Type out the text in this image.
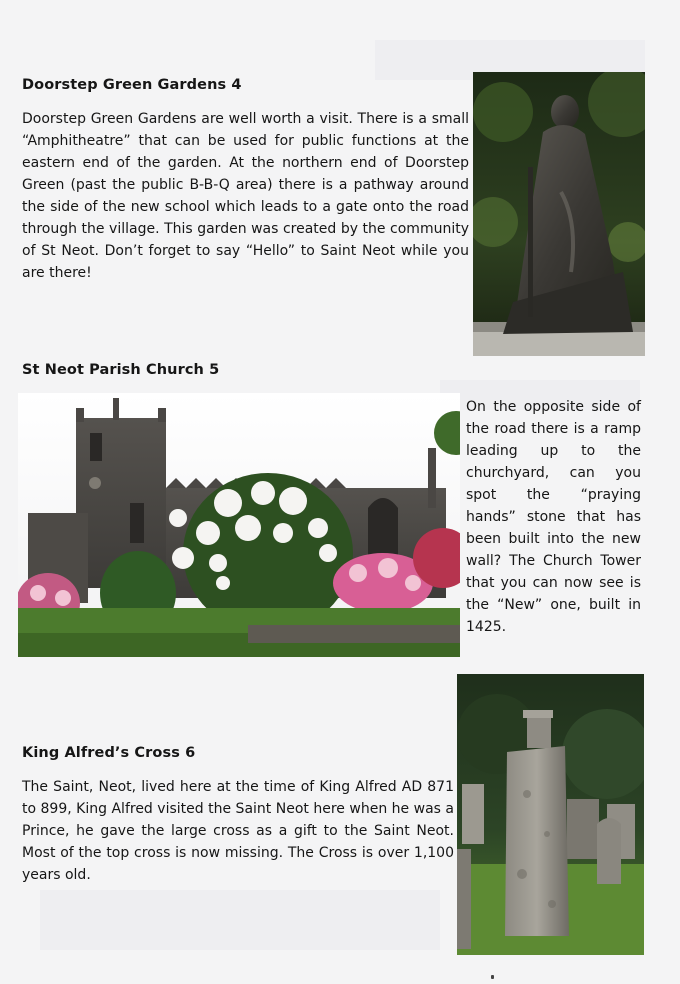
Doorstep Green Gardens 4

Doorstep Green Gardens are well worth a visit. There is a small “Amphitheatre” that can be used for public functions at the eastern end of the garden. At the northern end of Doorstep Green (past the public B-B-Q area) there is a pathway around the side of the new school which leads to a gate onto the road through the village. This garden was created by the community of St Neot. Don’t forget to say “Hello” to Saint Neot while you are there!

St Neot Parish Church 5

On the opposite side of the road there is a ramp leading up to the churchyard, can you spot the “praying hands” stone that has been built into the new wall? The Church Tower that you can now see is the “New” one, built in 1425.

King Alfred’s Cross 6

The Saint, Neot, lived here at the time of King Alfred AD 871 to 899, King Alfred visited the Saint Neot here when he was a Prince, he gave the large cross as a gift to the Saint Neot. Most of the top cross is now missing. The Cross is over 1,100 years old.
